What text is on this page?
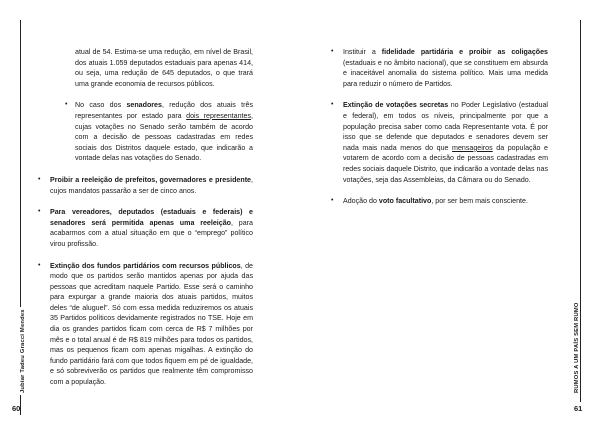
atual de 54. Estima-se uma redução, em nível de Brasil, dos atuais 1.059 deputados estaduais para apenas 414, ou seja, uma redução de 645 deputados, o que trará uma grande economia de recursos públicos.

• No caso dos senadores, redução dos atuais três representantes por estado para dois representantes, cujas votações no Senado serão também de acordo com a decisão de pessoas cadastradas em redes sociais dos Distritos daquele estado, que indicarão a vontade delas nas votações do Senado.
• Proibir a reeleição de prefeitos, governadores e presidente, cujos mandatos passarão a ser de cinco anos.
• Para vereadores, deputados (estaduais e federais) e senadores será permitida apenas uma reeleição, para acabarmos com a atual situação em que o “emprego” político virou profissão.
• Extinção dos fundos partidários com recursos públicos, de modo que os partidos serão mantidos apenas por ajuda das pessoas que acreditam naquele Partido. Esse será o caminho para expurgar a grande maioria dos atuais partidos, muitos deles “de aluguel”. Só com essa medida reduziremos os atuais 35 Partidos políticos devidamente registrados no TSE. Hoje em dia os grandes partidos ficam com cerca de R$ 7 milhões por mês e o total anual é de R$ 819 milhões para todos os partidos, mas os pequenos ficam com apenas migalhas. A extinção do fundo partidário fará com que todos fiquem em pé de igualdade, e só sobreviverão os partidos que realmente têm compromisso com a população.
Jubiar Tadeu Gracci Mendes
60
• Instituir a fidelidade partidária e proibir as coligações (estaduais e no âmbito nacional), que se constituem em absurda e inaceitável anomalia do sistema político. Mais uma medida para reduzir o número de Partidos.
• Extinção de votações secretas no Poder Legislativo (estadual e federal), em todos os níveis, principalmente por que a população precisa saber como cada Representante vota. É por isso que se defende que deputados e senadores devem ser nada mais nada menos do que mensageiros da população e votarem de acordo com a decisão de pessoas cadastradas em redes sociais daquele Distrito, que indicarão a vontade delas nas votações, seja das Assembleias, da Câmara ou do Senado.
• Adoção do voto facultativo, por ser bem mais consciente.
RUMOS A UM PAÍS SEM RUMO
61
